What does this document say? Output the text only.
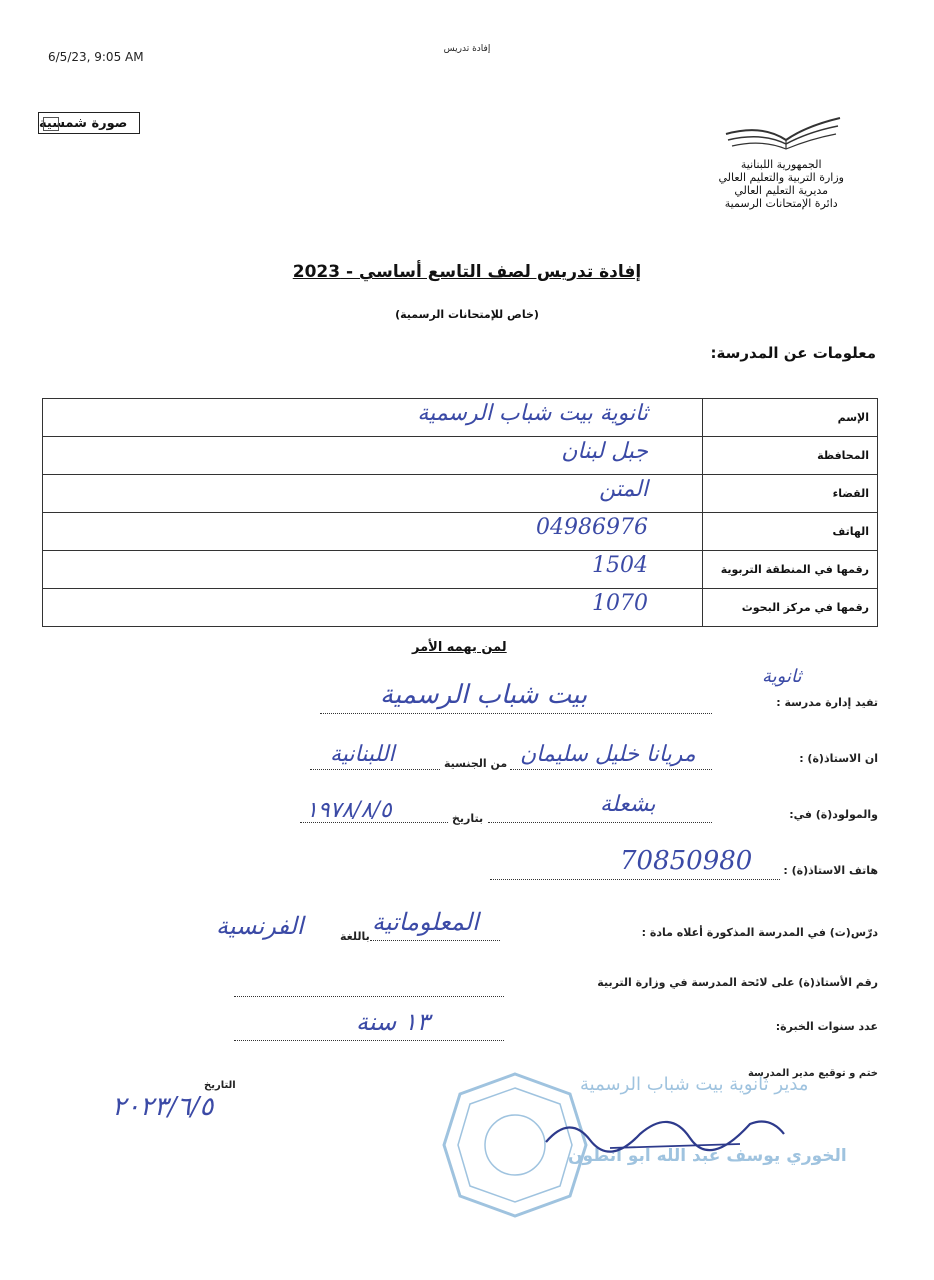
6/5/23, 9:05 AM
إفادة تدريس
صورة شمسية
الجمهورية اللبنانية
وزارة التربية والتعليم العالي
مديرية التعليم العالي
دائرة الإمتحانات الرسمية
إفادة تدريس لصف التاسع أساسي - 2023
(خاص للإمتحانات الرسمية)
معلومات عن المدرسة:
ثانوية بيت شباب الرسمية	الإسم

جبل لبنان	المحافظة

المتن	القضاء

04986976	الهاتف

1504	رقمها في المنطقة التربوية

1070	رقمها في مركز البحوث
لمن يهمه الأمر
تفيد إدارة مدرسة :
ثانوية
بيت شباب الرسمية
ان الاستاذ(ة) :
مريانا خليل سليمان
من الجنسية
اللبنانية
والمولود(ة) في:
بشعلة
بتاريخ
١٩٧٨/٨/٥
هاتف الاستاذ(ة) :
70850980
درّس(ت) في المدرسة المذكورة أعلاه مادة :
المعلوماتية
باللغة
الفرنسية
رقم الأستاذ(ة) على لائحة المدرسة في وزارة التربية
عدد سنوات الخبرة:
١٣ سنة
مدير ثانوية بيت شباب الرسمية
الخوري يوسف عبد الله ابو انطون
ختم و توقيع مدير المدرسة
التاريخ
٢٠٢٣/٦/٥
